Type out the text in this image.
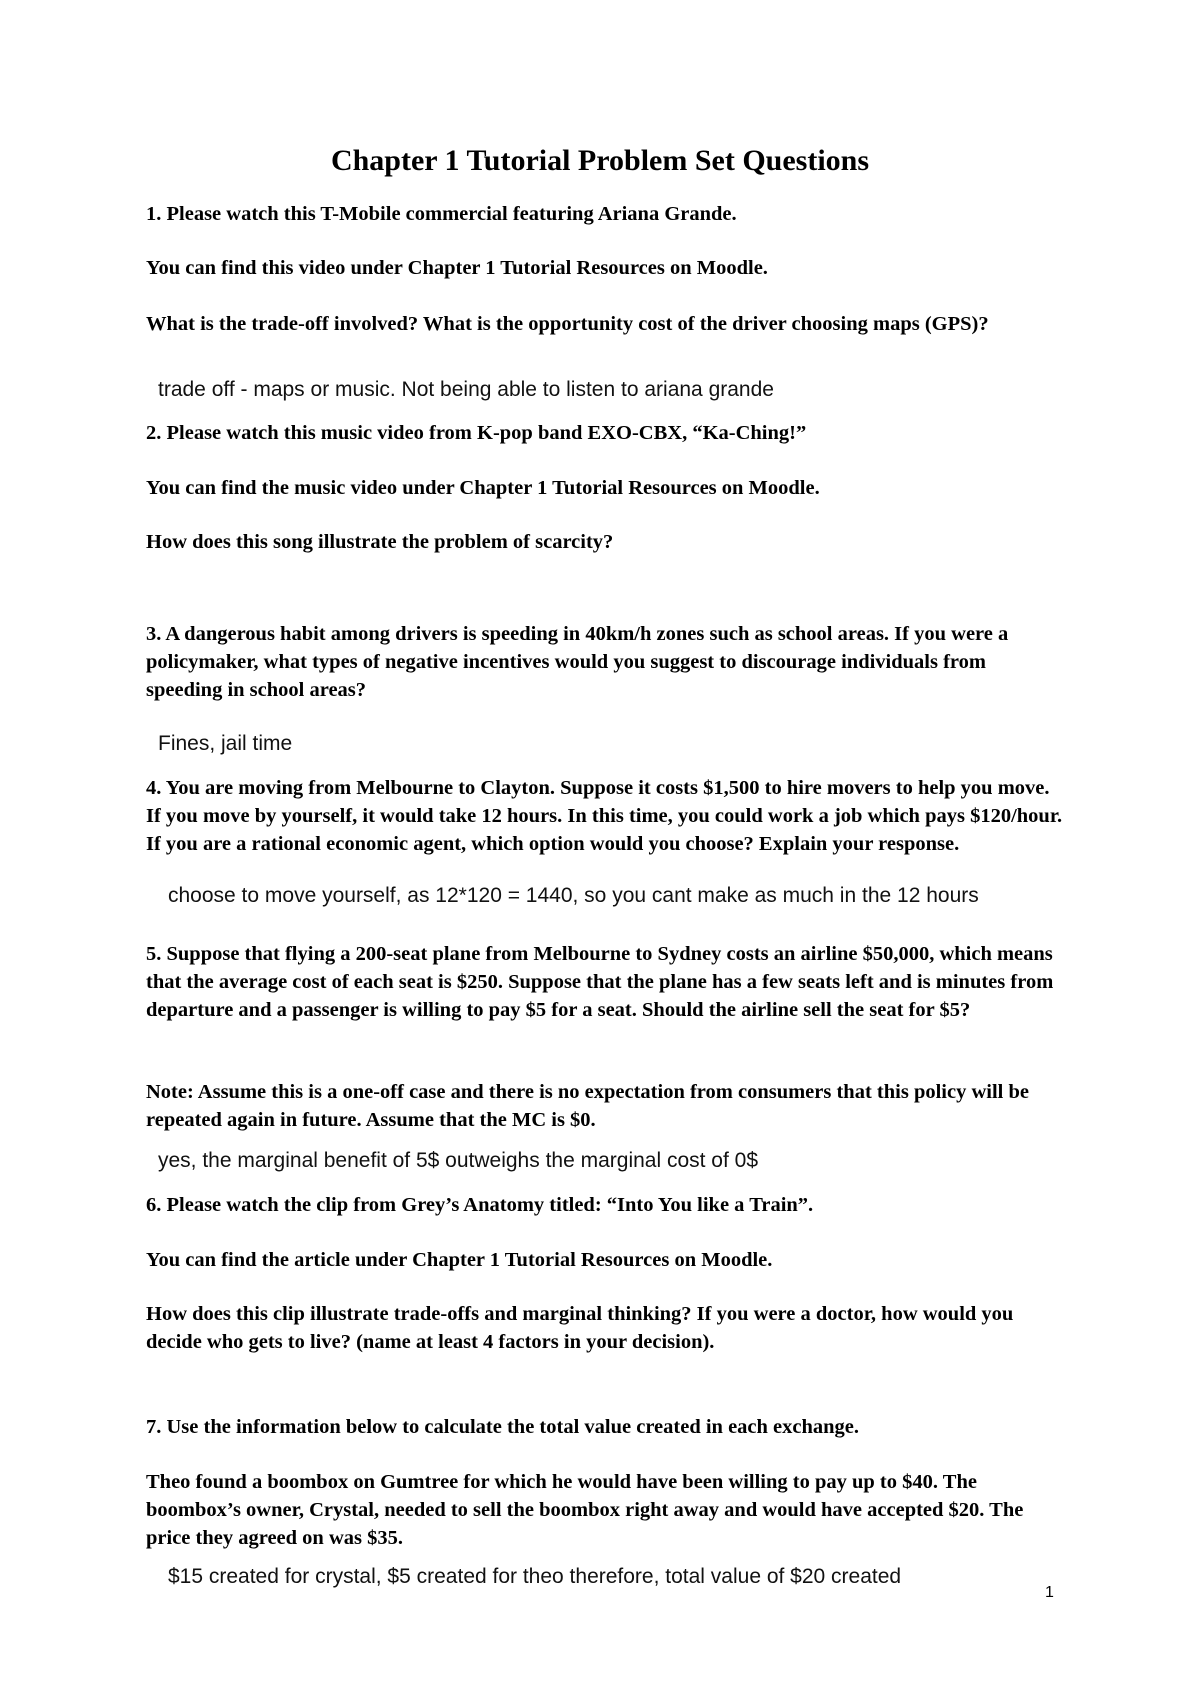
Chapter 1 Tutorial Problem Set Questions

1. Please watch this T-Mobile commercial featuring Ariana Grande.

You can find this video under Chapter 1 Tutorial Resources on Moodle.

What is the trade-off involved? What is the opportunity cost of the driver choosing maps (GPS)?

trade off - maps or music. Not being able to listen to ariana grande

2. Please watch this music video from K-pop band EXO-CBX, “Ka-Ching!”

You can find the music video under Chapter 1 Tutorial Resources on Moodle.

How does this song illustrate the problem of scarcity?

3. A dangerous habit among drivers is speeding in 40km/h zones such as school areas. If you were a policymaker, what types of negative incentives would you suggest to discourage individuals from speeding in school areas?

Fines, jail time

4. You are moving from Melbourne to Clayton. Suppose it costs $1,500 to hire movers to help you move. If you move by yourself, it would take 12 hours. In this time, you could work a job which pays $120/hour. If you are a rational economic agent, which option would you choose? Explain your response.

choose to move yourself, as 12*120 = 1440, so you cant make as much in the 12 hours

5. Suppose that flying a 200-seat plane from Melbourne to Sydney costs an airline $50,000, which means that the average cost of each seat is $250. Suppose that the plane has a few seats left and is minutes from departure and a passenger is willing to pay $5 for a seat. Should the airline sell the seat for $5?

Note: Assume this is a one-off case and there is no expectation from consumers that this policy will be repeated again in future. Assume that the MC is $0.

yes, the marginal benefit of 5$ outweighs the marginal cost of 0$

6. Please watch the clip from Grey’s Anatomy titled: “Into You like a Train”.

You can find the article under Chapter 1 Tutorial Resources on Moodle.

How does this clip illustrate trade-offs and marginal thinking? If you were a doctor, how would you decide who gets to live? (name at least 4 factors in your decision).

7. Use the information below to calculate the total value created in each exchange.

Theo found a boombox on Gumtree for which he would have been willing to pay up to $40. The boombox’s owner, Crystal, needed to sell the boombox right away and would have accepted $20. The price they agreed on was $35.

$15 created for crystal, $5 created for theo therefore, total value of $20 created

1
